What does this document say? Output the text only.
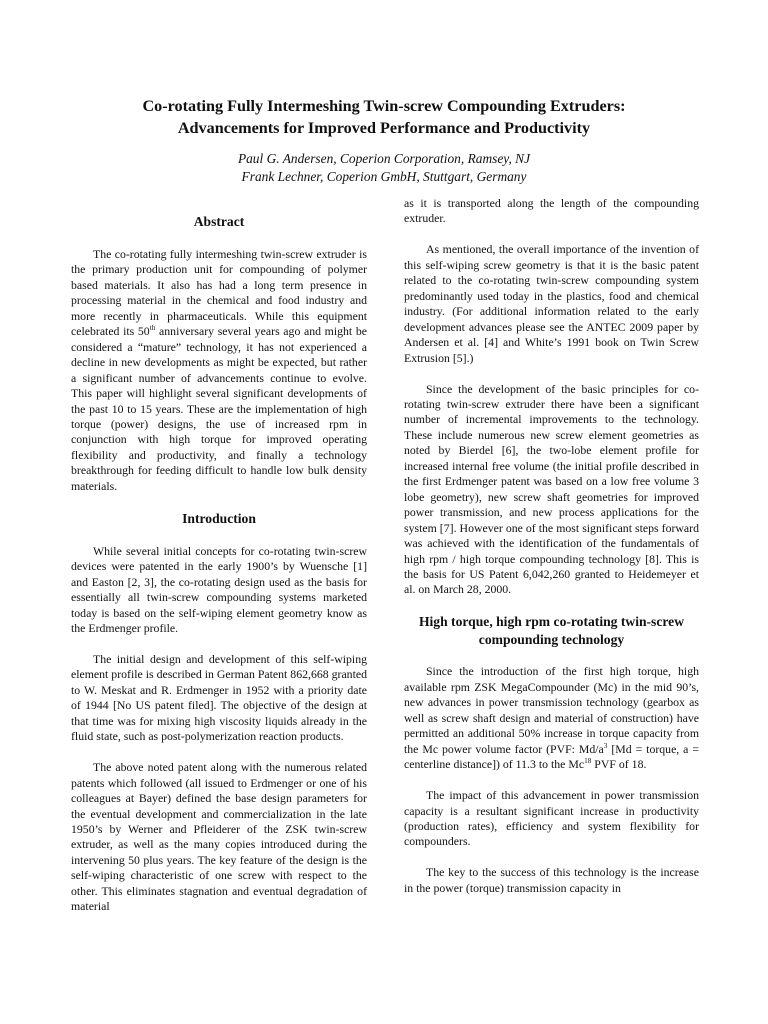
Co-rotating Fully Intermeshing Twin-screw Compounding Extruders:
Advancements for Improved Performance and Productivity
Paul G. Andersen, Coperion Corporation, Ramsey, NJ
Frank Lechner, Coperion GmbH, Stuttgart, Germany
Abstract

The co-rotating fully intermeshing twin-screw extruder is the primary production unit for compounding of polymer based materials. It also has had a long term presence in processing material in the chemical and food industry and more recently in pharmaceuticals. While this equipment celebrated its 50th anniversary several years ago and might be considered a “mature” technology, it has not experienced a decline in new developments as might be expected, but rather a significant number of advancements continue to evolve. This paper will highlight several significant developments of the past 10 to 15 years. These are the implementation of high torque (power) designs, the use of increased rpm in conjunction with high torque for improved operating flexibility and productivity, and finally a technology breakthrough for feeding difficult to handle low bulk density materials.

Introduction

While several initial concepts for co-rotating twin-screw devices were patented in the early 1900’s by Wuensche [1] and Easton [2, 3], the co-rotating design used as the basis for essentially all twin-screw compounding systems marketed today is based on the self-wiping element geometry know as the Erdmenger profile.

The initial design and development of this self-wiping element profile is described in German Patent 862,668 granted to W. Meskat and R. Erdmenger in 1952 with a priority date of 1944 [No US patent filed]. The objective of the design at that time was for mixing high viscosity liquids already in the fluid state, such as post-polymerization reaction products.

The above noted patent along with the numerous related patents which followed (all issued to Erdmenger or one of his colleagues at Bayer) defined the base design parameters for the eventual development and commercialization in the late 1950’s by Werner and Pfleiderer of the ZSK twin-screw extruder, as well as the many copies introduced during the intervening 50 plus years. The key feature of the design is the self-wiping characteristic of one screw with respect to the other. This eliminates stagnation and eventual degradation of material

as it is transported along the length of the compounding extruder.

As mentioned, the overall importance of the invention of this self-wiping screw geometry is that it is the basic patent related to the co-rotating twin-screw compounding system predominantly used today in the plastics, food and chemical industry. (For additional information related to the early development advances please see the ANTEC 2009 paper by Andersen et al. [4] and White’s 1991 book on Twin Screw Extrusion [5].)

Since the development of the basic principles for co-rotating twin-screw extruder there have been a significant number of incremental improvements to the technology. These include numerous new screw element geometries as noted by Bierdel [6], the two-lobe element profile for increased internal free volume (the initial profile described in the first Erdmenger patent was based on a low free volume 3 lobe geometry), new screw shaft geometries for improved power transmission, and new process applications for the system [7]. However one of the most significant steps forward was achieved with the identification of the fundamentals of high rpm / high torque compounding technology [8]. This is the basis for US Patent 6,042,260 granted to Heidemeyer et al. on March 28, 2000.

High torque, high rpm co-rotating twin-screw
compounding technology

Since the introduction of the first high torque, high available rpm ZSK MegaCompounder (Mc) in the mid 90’s, new advances in power transmission technology (gearbox as well as screw shaft design and material of construction) have permitted an additional 50% increase in torque capacity from the Mc power volume factor (PVF: $Md/a^3$ [Md = torque, a = centerline distance]) of 11.3 to the Mc$^{18}$ PVF of 18.

The impact of this advancement in power transmission capacity is a resultant significant increase in productivity (production rates), efficiency and system flexibility for compounders.

The key to the success of this technology is the increase in the power (torque) transmission capacity in
